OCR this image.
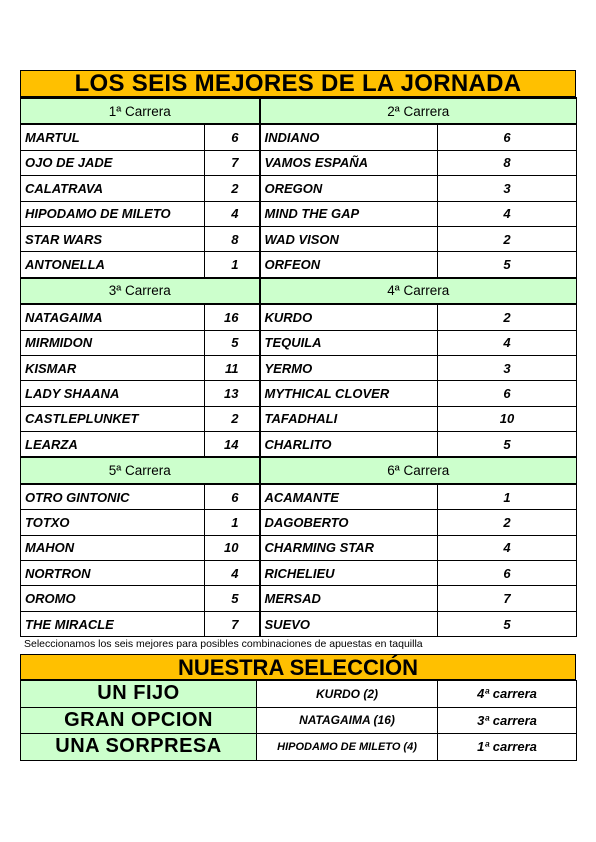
LOS SEIS MEJORES DE LA JORNADA
1ª Carrera		2ª Carrera	
MARTUL	6	INDIANO	6
OJO DE JADE	7	VAMOS ESPAÑA	8
CALATRAVA	2	OREGON	3
HIPODAMO DE MILETO	4	MIND THE GAP	4
STAR WARS	8	WAD VISON	2
ANTONELLA	1	ORFEON	5
3ª Carrera		4ª Carrera	
NATAGAIMA	16	KURDO	2
MIRMIDON	5	TEQUILA	4
KISMAR	11	YERMO	3
LADY SHAANA	13	MYTHICAL CLOVER	6
CASTLEPLUNKET	2	TAFADHALI	10
LEARZA	14	CHARLITO	5
5ª Carrera		6ª Carrera	
OTRO GINTONIC	6	ACAMANTE	1
TOTXO	1	DAGOBERTO	2
MAHON	10	CHARMING STAR	4
NORTRON	4	RICHELIEU	6
OROMO	5	MERSAD	7
THE MIRACLE	7	SUEVO	5
Seleccionamos los seis mejores para posibles combinaciones de apuestas en taquilla
NUESTRA SELECCIÓN
UN FIJO	KURDO (2)	4ª carrera
GRAN OPCION	NATAGAIMA (16)	3ª carrera
UNA SORPRESA	HIPODAMO DE MILETO (4)	1ª carrera
